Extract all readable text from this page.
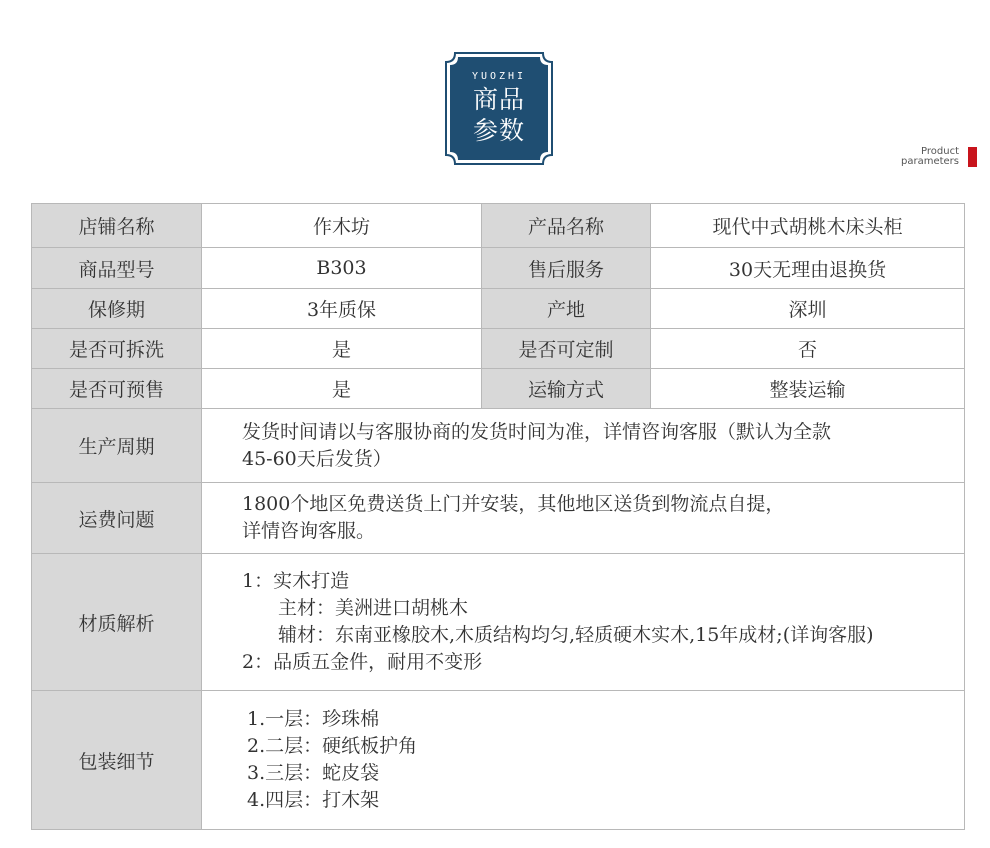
YUOZHI
商品
参数
Product
parameters
店铺名称	作木坊	产品名称	现代中式胡桃木床头柜
商品型号	B303	售后服务	30天无理由退换货
保修期	3年质保	产地	深圳
是否可拆洗	是	是否可定制	否
是否可预售	是	运输方式	整装运输
生产周期	发货时间请以与客服协商的发货时间为准，详情咨询客服（默认为全款
45-60天后发货）		

运费问题	1800个地区免费送货上门并安装，其他地区送货到物流点自提，
详情咨询客服。		

材质解析	1：实木打造
主材：美洲进口胡桃木
辅材：东南亚橡胶木,木质结构均匀,轻质硬木实木,15年成材;(详询客服)
2：品质五金件，耐用不变形		

包装细节	1.一层：珍珠棉
2.二层：硬纸板护角
3.三层：蛇皮袋
4.四层：打木架		
